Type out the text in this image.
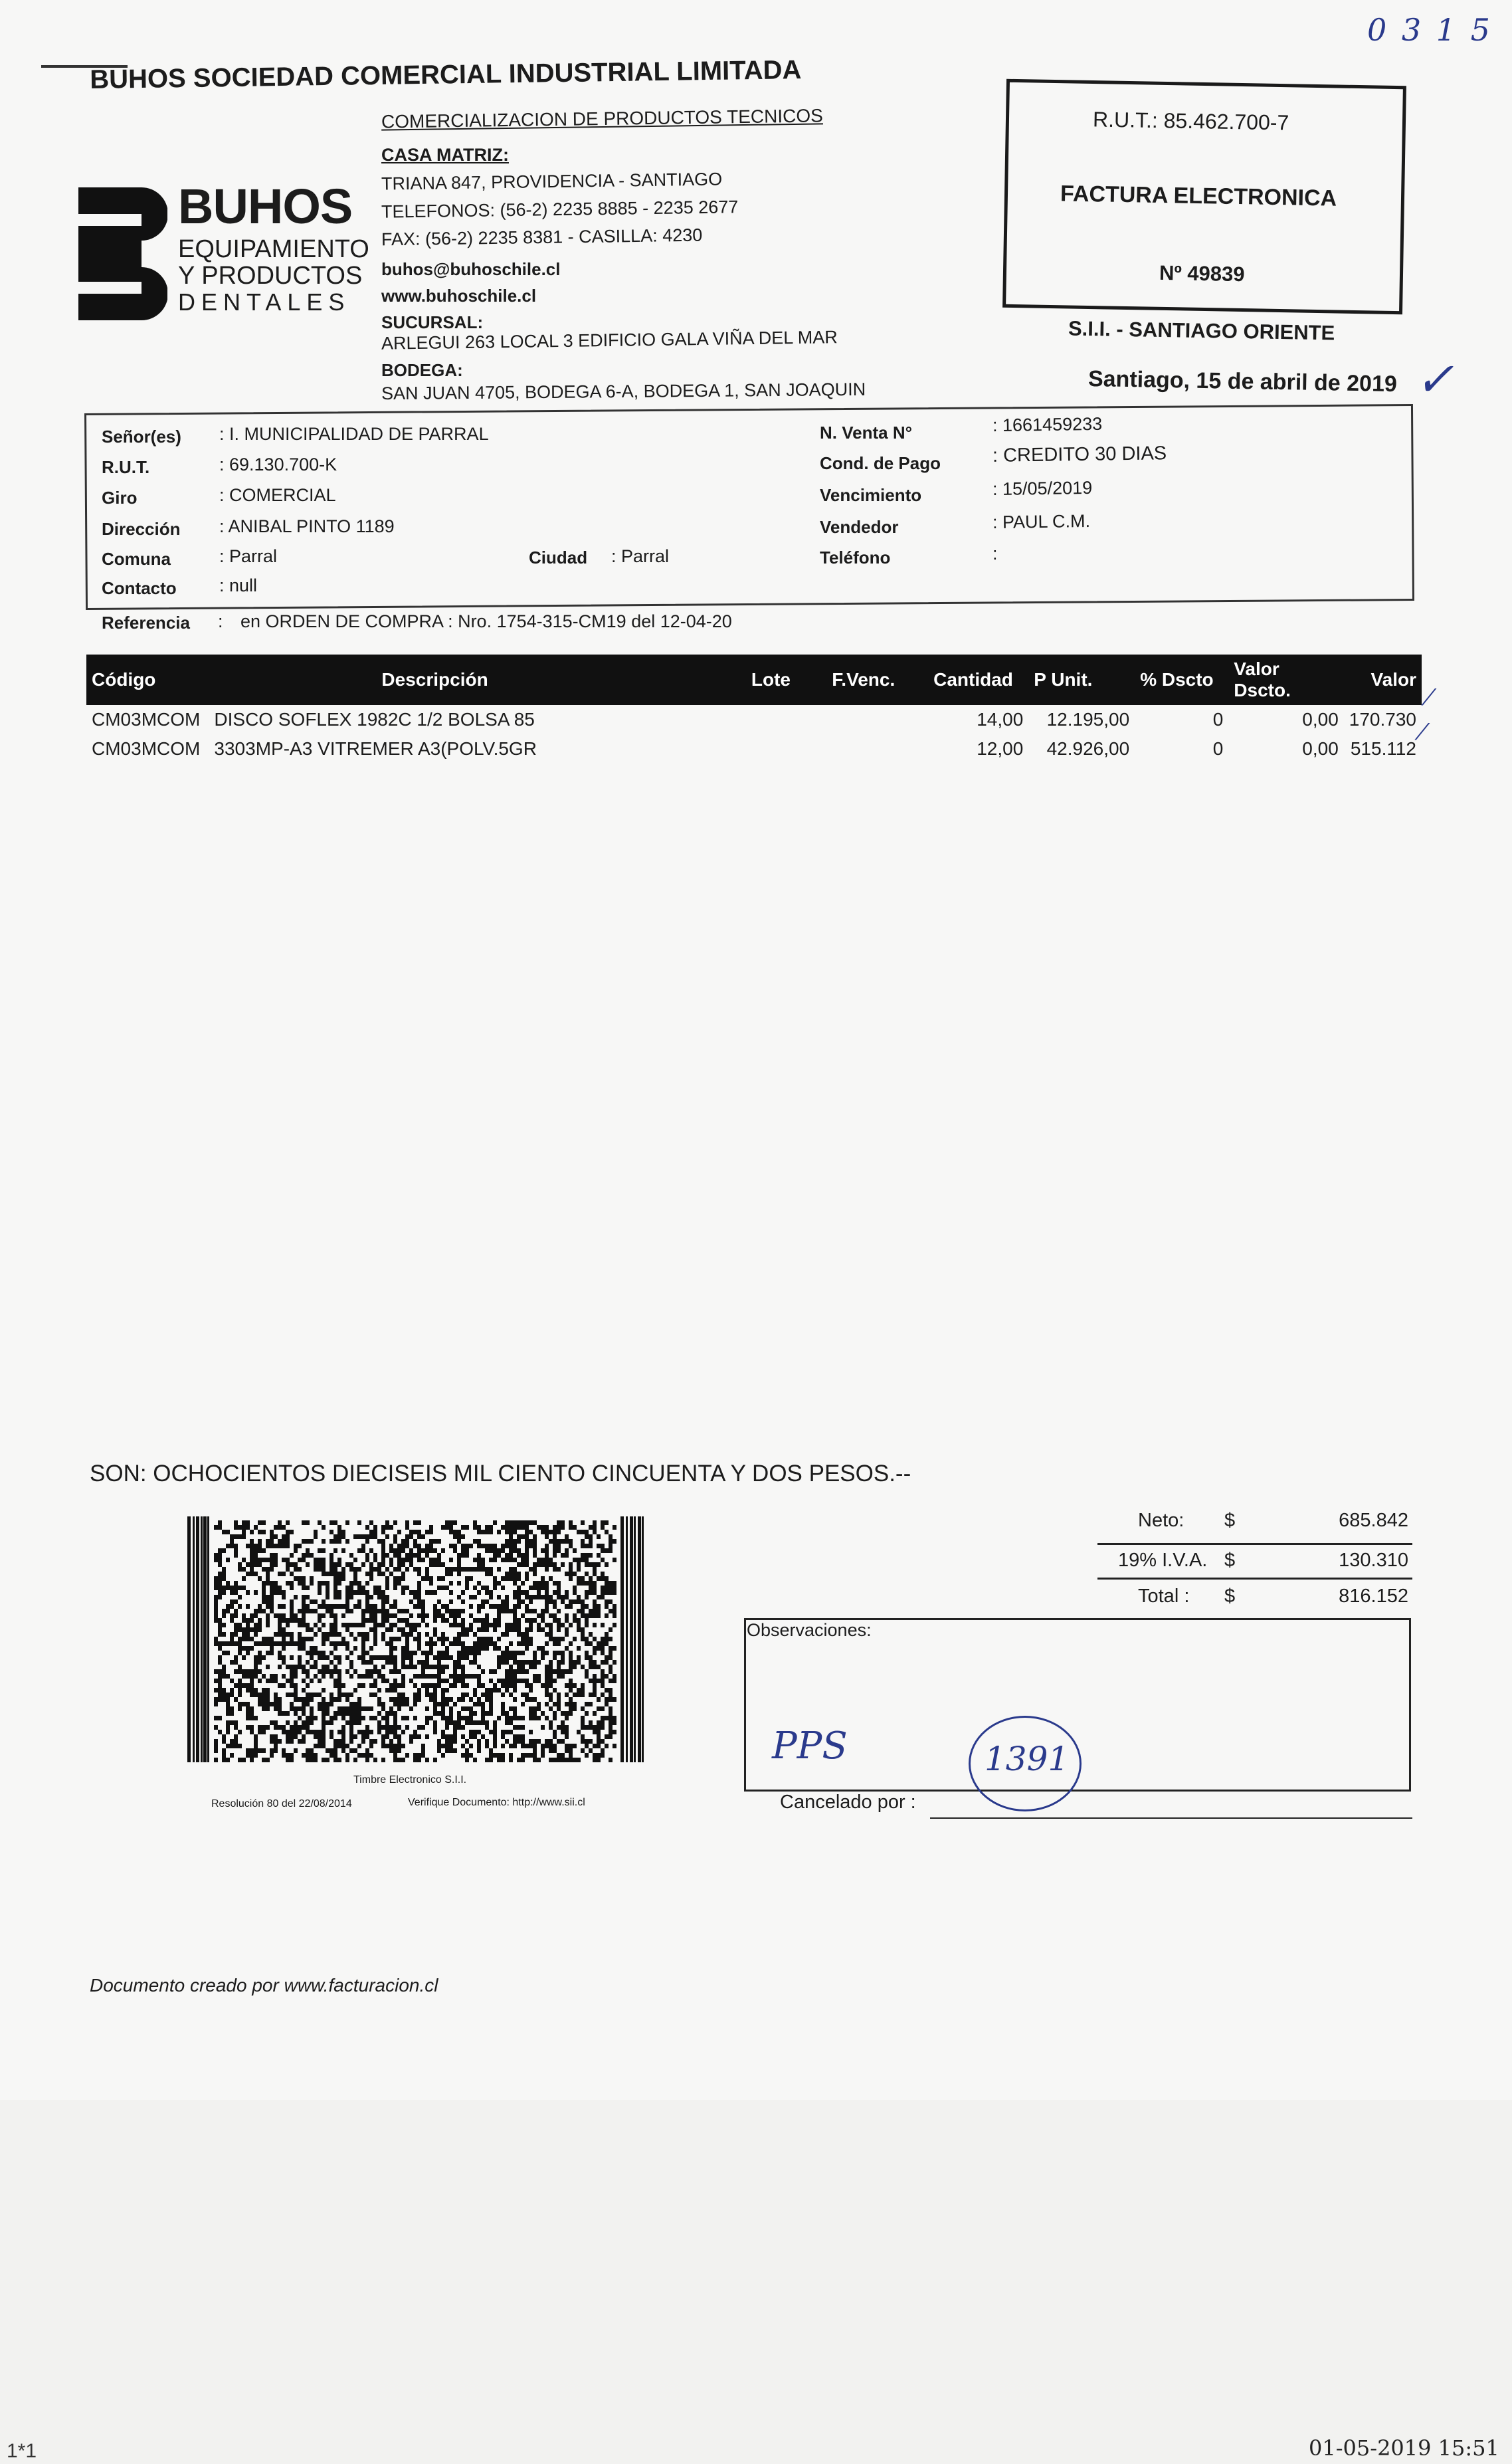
0 3 1 5
BUHOS SOCIEDAD COMERCIAL INDUSTRIAL LIMITADA
COMERCIALIZACION DE PRODUCTOS TECNICOS
CASA MATRIZ:
TRIANA 847, PROVIDENCIA - SANTIAGO
TELEFONOS: (56-2) 2235 8885 - 2235 2677
FAX: (56-2) 2235 8381 - CASILLA: 4230
buhos@buhoschile.cl
www.buhoschile.cl
SUCURSAL:
ARLEGUI 263 LOCAL 3 EDIFICIO GALA VIÑA DEL MAR
BODEGA:
SAN JUAN 4705, BODEGA 6-A, BODEGA 1, SAN JOAQUIN
BUHOS
EQUIPAMIENTO
Y PRODUCTOS
DENTALES
R.U.T.: 85.462.700-7
FACTURA ELECTRONICA
Nº 49839
S.I.I. - SANTIAGO ORIENTE
Santiago, 15 de abril de 2019 ✓
Señor(es) : I. MUNICIPALIDAD DE PARRAL
R.U.T.	: 69.130.700-K
Giro	: COMERCIAL
Dirección : ANIBAL PINTO 1189
Comuna	: Parral	Ciudad : Parral
Contacto : null
N. Venta N°	: 1661459233
Cond. de Pago	: CREDITO 30 DIAS
Vencimiento	: 15/05/2019
Vendedor	: PAUL C.M.
Teléfono	:
Referencia : en ORDEN DE COMPRA : Nro. 1754-315-CM19 del 12-04-20
Código	Descripción	Lote	F.Venc.	Cantidad	P Unit.	% Dscto	Valor Dscto.	Valor
CM03MCOM	DISCO SOFLEX 1982C 1/2 BOLSA 85			14,00	12.195,00	0	0,00	170.730
CM03MCOM	3303MP-A3 VITREMER A3(POLV.5GR			12,00	42.926,00	0	0,00	515.112
⁄
⁄
SON: OCHOCIENTOS DIECISEIS MIL CIENTO CINCUENTA Y DOS PESOS.--
Timbre Electronico S.I.I.
Resolución 80 del 22/08/2014	Verifique Documento: http://www.sii.cl
Neto: $	685.842
19% I.V.A. $	130.310
Total : $	816.152
Observaciones:
PPS	1391
Cancelado por :
Documento creado por www.facturacion.cl
01-05-2019 15:51
1*1
